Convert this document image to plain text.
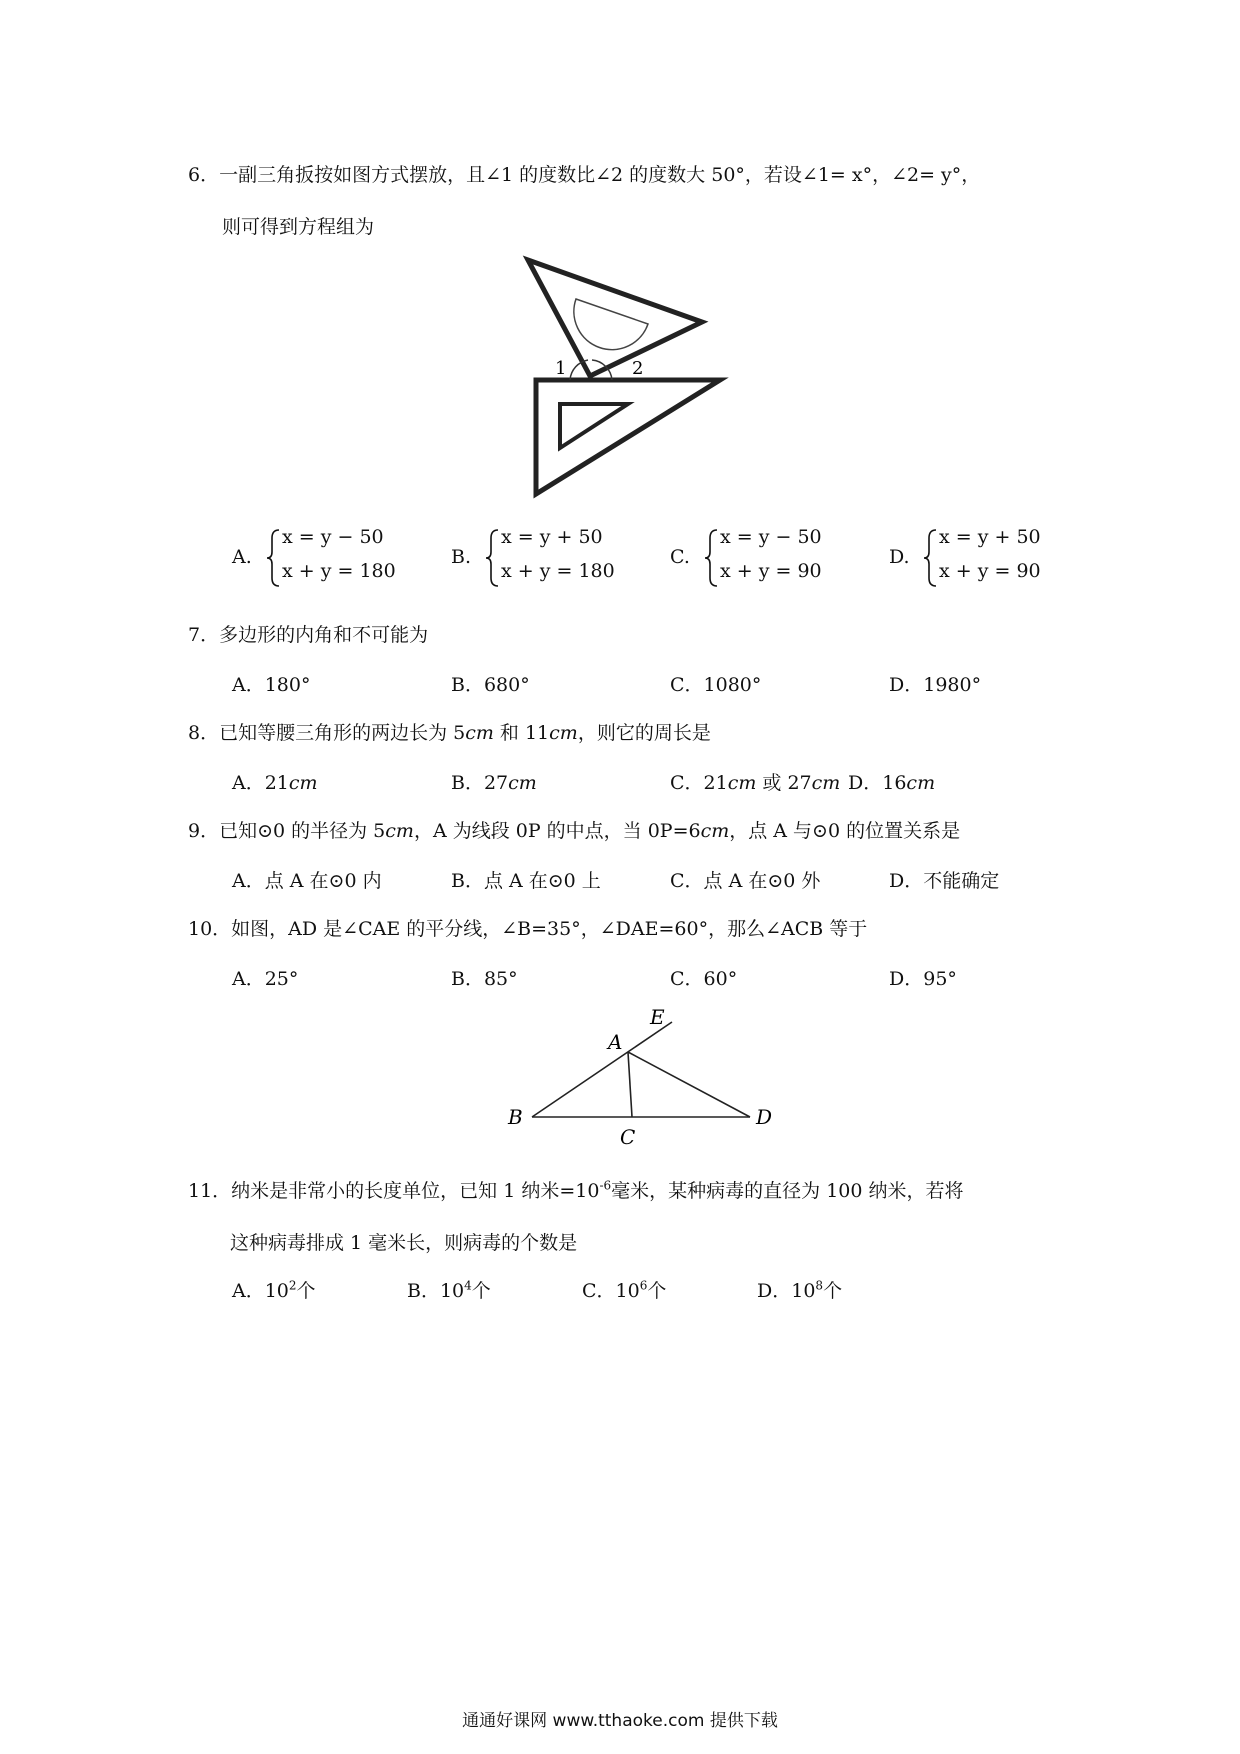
6．一副三角扳按如图方式摆放，且∠1 的度数比∠2 的度数大 50°，若设∠1= x°，∠2= y°，
则可得到方程组为
1	2
A.
x = y − 50
x + y = 180
B.
x = y + 50
x + y = 180
C.
x = y − 50
x + y = 90
D.
x = y + 50
x + y = 90
7．多边形的内角和不可能为
A．180°	B．680°	C．1080°	D．1980°
8．已知等腰三角形的两边长为 5cm 和 11cm，则它的周长是
A．21cm	B．27cm	C．21cm 或 27cm D．16cm
9．已知⊙0 的半径为 5cm，A 为线段 0P 的中点，当 0P=6cm，点 A 与⊙0 的位置关系是
A．点 A 在⊙0 内	B．点 A 在⊙0 上	C．点 A 在⊙0 外	D．不能确定
10．如图，AD 是∠CAE 的平分线，∠B=35°，∠DAE=60°，那么∠ACB 等于
A．25°	B．85°	C．60°	D．95°
E
A
B
C
D
11．纳米是非常小的长度单位，已知 1 纳米$=10^{-6}$毫米，某种病毒的直径为 100 纳米，若将
这种病毒排成 1 毫米长，则病毒的个数是
A．$10^2$个	B．$10^4$个	C．$10^6$个	D．$10^8$个
通通好课网 www.tthaoke.com 提供下载
